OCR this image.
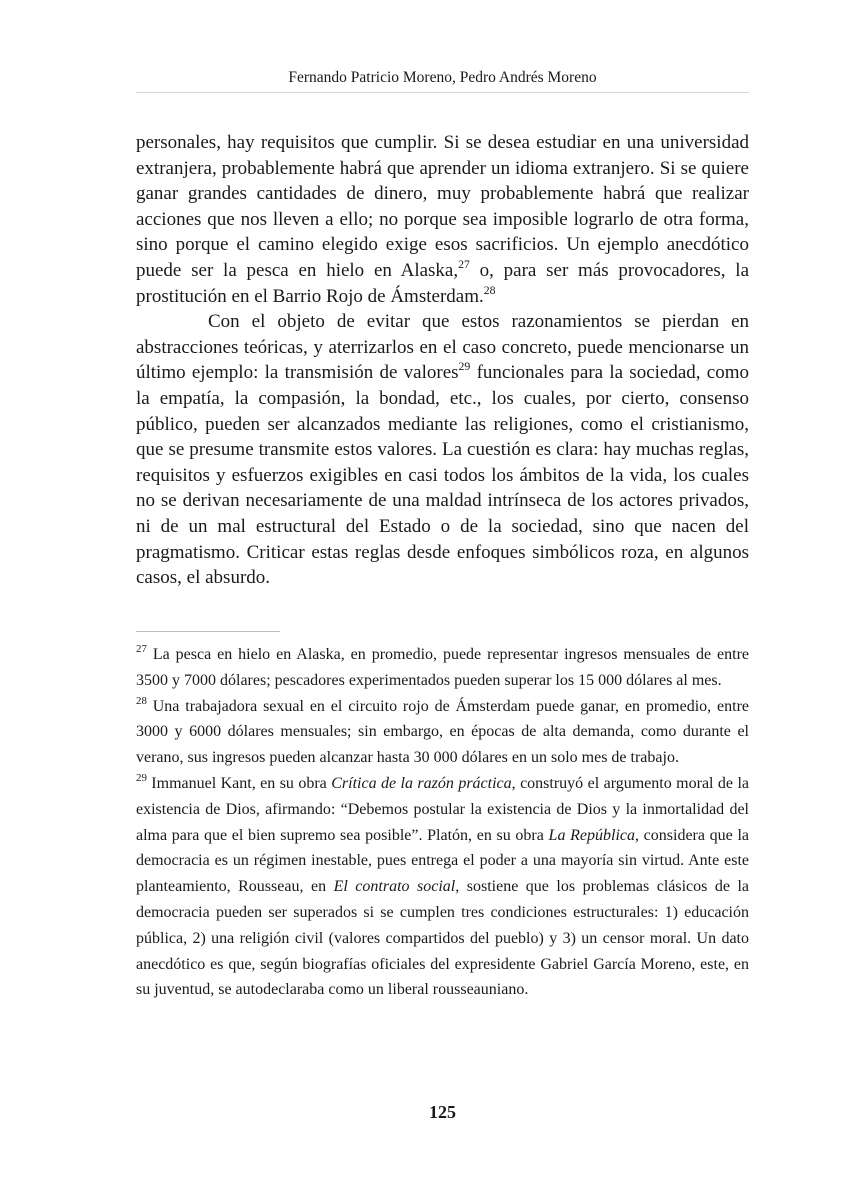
Fernando Patricio Moreno, Pedro Andrés Moreno

personales, hay requisitos que cumplir. Si se desea estudiar en una universidad extranjera, probablemente habrá que aprender un idioma extranjero. Si se quiere ganar grandes cantidades de dinero, muy probablemente habrá que realizar acciones que nos lleven a ello; no porque sea imposible lograrlo de otra forma, sino porque el camino elegido exige esos sacrificios. Un ejemplo anecdótico puede ser la pesca en hielo en Alaska,$^{27}$ o, para ser más provocadores, la prostitución en el Barrio Rojo de Ámsterdam.$^{28}$

Con el objeto de evitar que estos razonamientos se pierdan en abstracciones teóricas, y aterrizarlos en el caso concreto, puede mencionarse un último ejemplo: la transmisión de valores$^{29}$ funcionales para la sociedad, como la empatía, la compasión, la bondad, etc., los cuales, por cierto, consenso público, pueden ser alcanzados mediante las religiones, como el cristianismo, que se presume transmite estos valores. La cuestión es clara: hay muchas reglas, requisitos y esfuerzos exigibles en casi todos los ámbitos de la vida, los cuales no se derivan necesariamente de una maldad intrínseca de los actores privados, ni de un mal estructural del Estado o de la sociedad, sino que nacen del pragmatismo. Criticar estas reglas desde enfoques simbólicos roza, en algunos casos, el absurdo.

$^{27}$ La pesca en hielo en Alaska, en promedio, puede representar ingresos mensuales de entre 3500 y 7000 dólares; pescadores experimentados pueden superar los 15 000 dólares al mes.

$^{28}$ Una trabajadora sexual en el circuito rojo de Ámsterdam puede ganar, en promedio, entre 3000 y 6000 dólares mensuales; sin embargo, en épocas de alta demanda, como durante el verano, sus ingresos pueden alcanzar hasta 30 000 dólares en un solo mes de trabajo.

$^{29}$ Immanuel Kant, en su obra Crítica de la razón práctica, construyó el argumento moral de la existencia de Dios, afirmando: “Debemos postular la existencia de Dios y la inmortalidad del alma para que el bien supremo sea posible”. Platón, en su obra La República, considera que la democracia es un régimen inestable, pues entrega el poder a una mayoría sin virtud. Ante este planteamiento, Rousseau, en El contrato social, sostiene que los problemas clásicos de la democracia pueden ser superados si se cumplen tres condiciones estructurales: 1) educación pública, 2) una religión civil (valores compartidos del pueblo) y 3) un censor moral. Un dato anecdótico es que, según biografías oficiales del expresidente Gabriel García Moreno, este, en su juventud, se autodeclaraba como un liberal rousseauniano.

125
